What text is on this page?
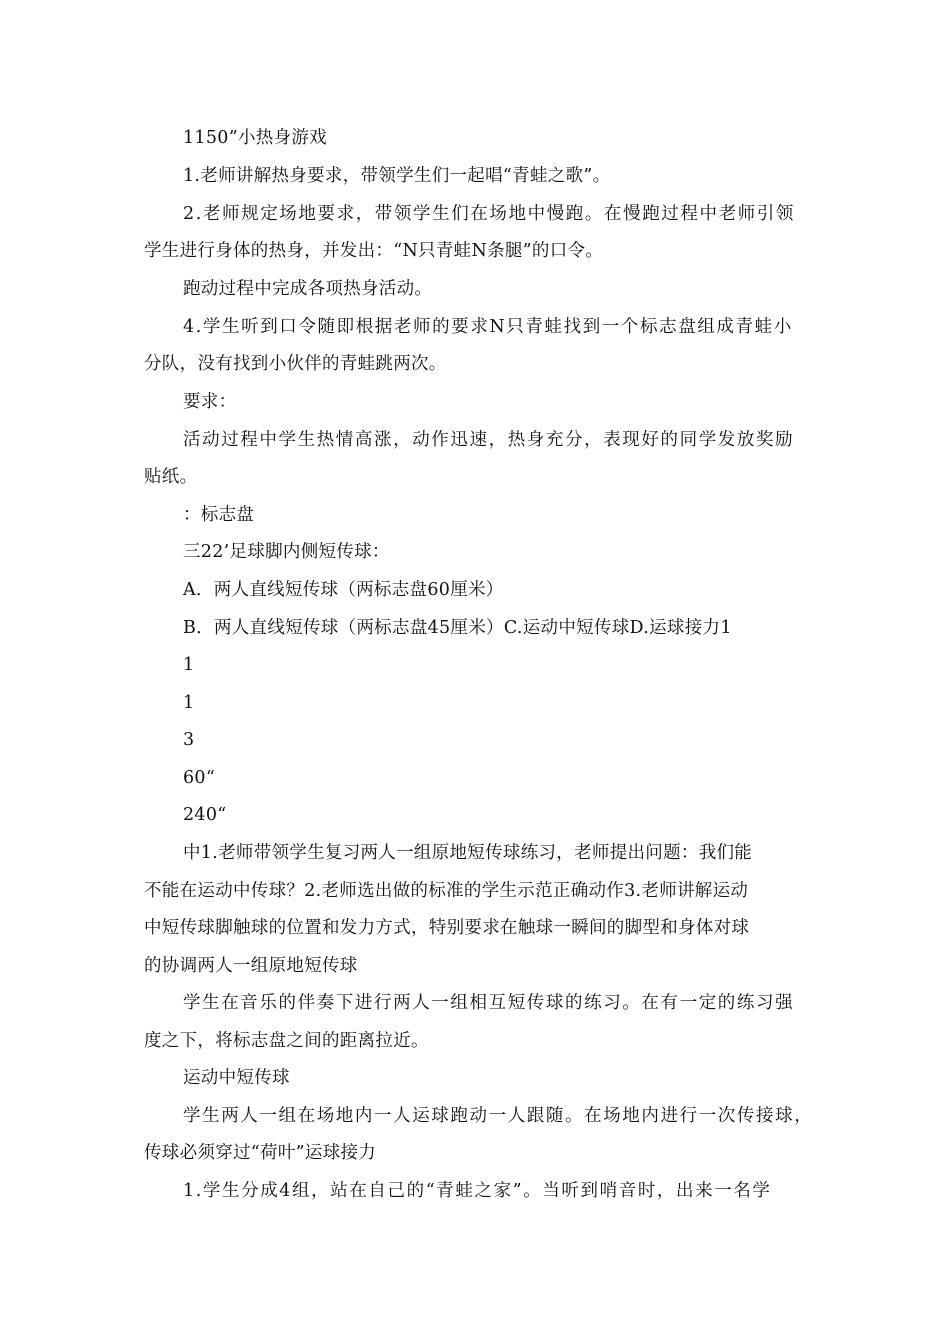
1150”小热身游戏
1.老师讲解热身要求，带领学生们一起唱“青蛙之歌”。
2.老师规定场地要求，带领学生们在场地中慢跑。在慢跑过程中老师引领
学生进行身体的热身，并发出：“N只青蛙N条腿”的口令。
跑动过程中完成各项热身活动。
4.学生听到口令随即根据老师的要求N只青蛙找到一个标志盘组成青蛙小
分队，没有找到小伙伴的青蛙跳两次。
要求：
活动过程中学生热情高涨，动作迅速，热身充分，表现好的同学发放奖励
贴纸。
：标志盘
三22’足球脚内侧短传球：
A．两人直线短传球（两标志盘60厘米）
B．两人直线短传球（两标志盘45厘米）C.运动中短传球D.运球接力1
1
1
3
60“
240“
中1.老师带领学生复习两人一组原地短传球练习，老师提出问题：我们能
不能在运动中传球？2.老师选出做的标准的学生示范正确动作3.老师讲解运动
中短传球脚触球的位置和发力方式，特别要求在触球一瞬间的脚型和身体对球
的协调两人一组原地短传球
学生在音乐的伴奏下进行两人一组相互短传球的练习。在有一定的练习强
度之下，将标志盘之间的距离拉近。
运动中短传球
学生两人一组在场地内一人运球跑动一人跟随。在场地内进行一次传接球，
传球必须穿过“荷叶”运球接力
1.学生分成4组，站在自己的“青蛙之家”。当听到哨音时，出来一名学
